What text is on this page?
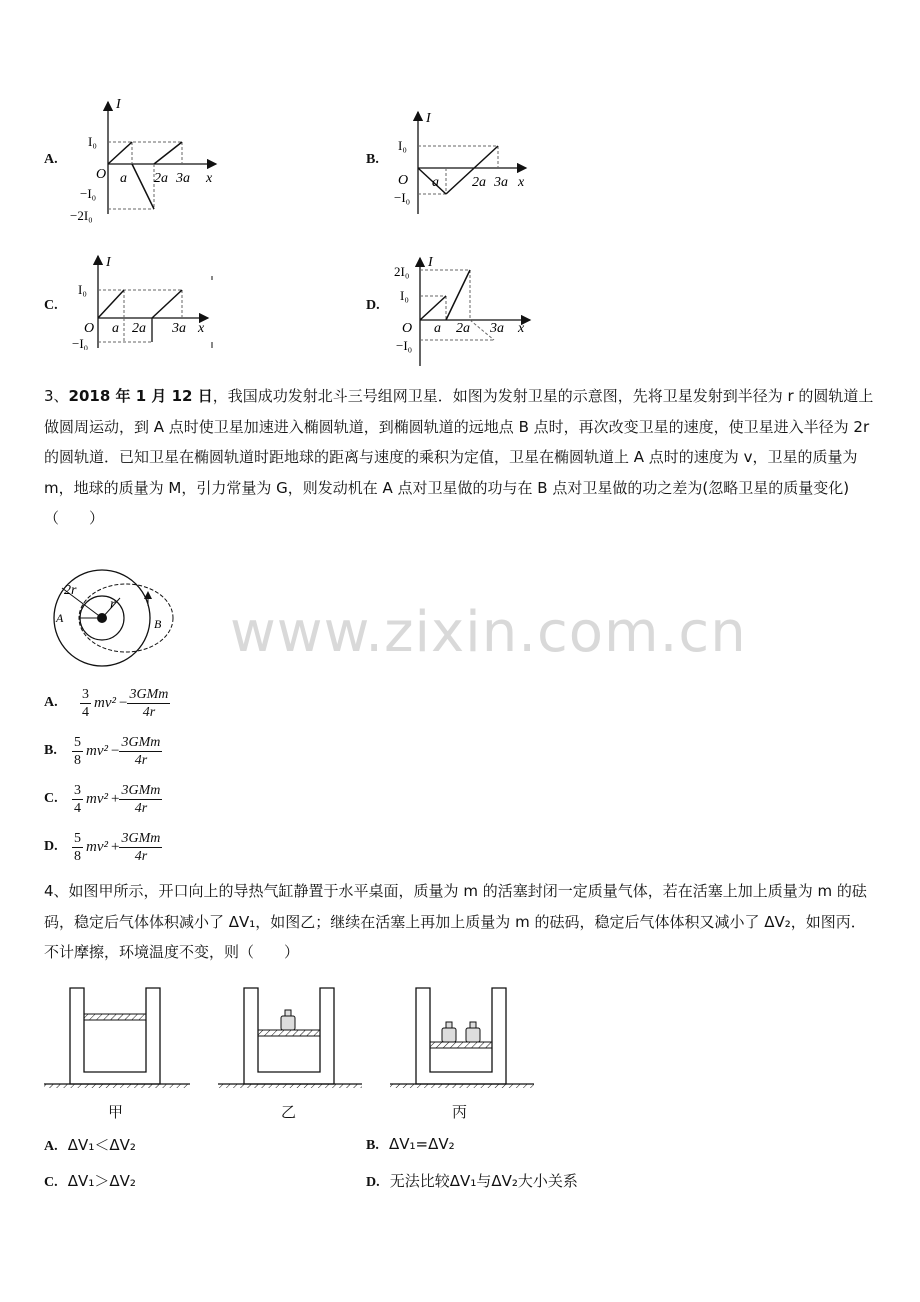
www.zixin.com.cn
A.
I
I₀
O
−I₀
−2I₀
a 2a 3a x
B.
I
I₀
O
−I₀
a 2a 3a x
C.
I
I₀
O
−I₀
a 2a 3a x
D.
I
2I₀
I₀
O
−I₀
a 2a 3a x
3、2018 年 1 月 12 日，我国成功发射北斗三号组网卫星．如图为发射卫星的示意图，先将卫星发射到半径为 r 的圆轨道上做圆周运动，到 A 点时使卫星加速进入椭圆轨道，到椭圆轨道的远地点 B 点时，再次改变卫星的速度，使卫星进入半径为 2r 的圆轨道．已知卫星在椭圆轨道时距地球的距离与速度的乘积为定值，卫星在椭圆轨道上 A 点时的速度为 v，卫星的质量为 m，地球的质量为 M，引力常量为 G，则发动机在 A 点对卫星做的功与在 B 点对卫星做的功之差为(忽略卫星的质量变化)（　　）
2r
r
A	B
A.	$\frac{3}{4} mv^2 - \frac{\text{3GMm}}{4r}$
B.	$\frac{5}{8} mv^2 - \frac{\text{3GMm}}{4r}$
C.	$\frac{3}{4} mv^2 + \frac{\text{3GMm}}{4r}$
D.	$\frac{5}{8} mv^2 + \frac{\text{3GMm}}{4r}$
4、如图甲所示，开口向上的导热气缸静置于水平桌面，质量为 m 的活塞封闭一定质量气体，若在活塞上加上质量为 m 的砝码，稳定后气体体积减小了 ΔV₁，如图乙；继续在活塞上再加上质量为 m 的砝码，稳定后气体体积又减小了 ΔV₂，如图丙．不计摩擦，环境温度不变，则（　　）
甲	乙	丙
A. ΔV₁＜ΔV₂	B. ΔV₁=ΔV₂
C. ΔV₁＞ΔV₂	D. 无法比较ΔV₁与ΔV₂大小关系
